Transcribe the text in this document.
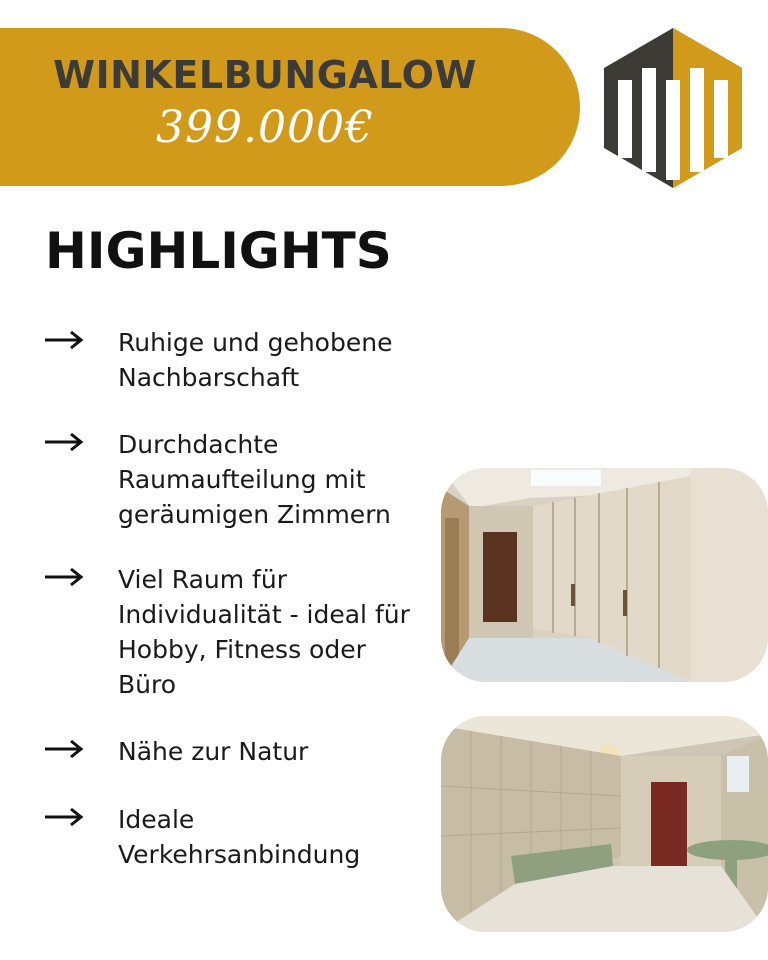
WINKELBUNGALOW
399.000€
HIGHLIGHTS
Ruhige und gehobene
Nachbarschaft
Durchdachte
Raumaufteilung mit
geräumigen Zimmern
Viel Raum für
Individualität - ideal für
Hobby, Fitness oder
Büro
Nähe zur Natur
Ideale
Verkehrsanbindung
